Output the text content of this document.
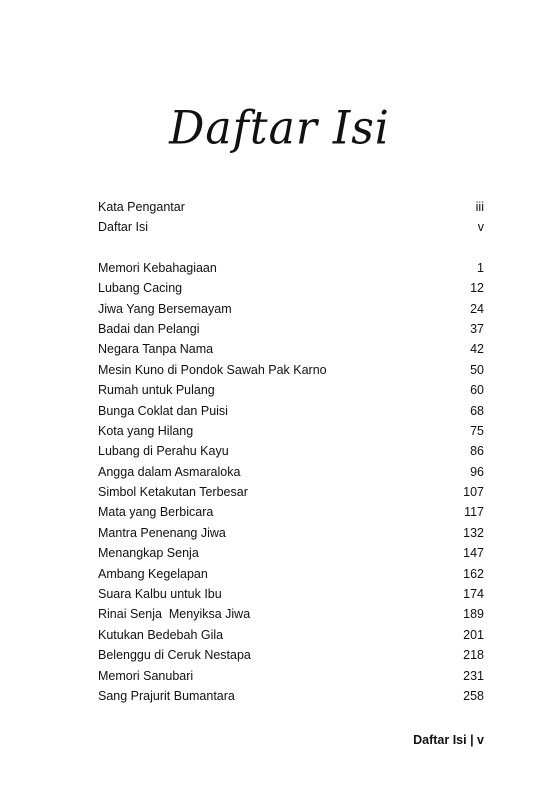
Daftar Isi
Kata Pengantar	iii
Daftar Isi	v
Memori Kebahagiaan	1
Lubang Cacing	12
Jiwa Yang Bersemayam	24
Badai dan Pelangi	37
Negara Tanpa Nama	42
Mesin Kuno di Pondok Sawah Pak Karno	50
Rumah untuk Pulang	60
Bunga Coklat dan Puisi	68
Kota yang Hilang	75
Lubang di Perahu Kayu	86
Angga dalam Asmaraloka	96
Simbol Ketakutan Terbesar	107
Mata yang Berbicara	117
Mantra Penenang Jiwa	132
Menangkap Senja	147
Ambang Kegelapan	162
Suara Kalbu untuk Ibu	174
Rinai Senja  Menyiksa Jiwa	189
Kutukan Bedebah Gila	201
Belenggu di Ceruk Nestapa	218
Memori Sanubari	231
Sang Prajurit Bumantara	258
Daftar Isi | v
